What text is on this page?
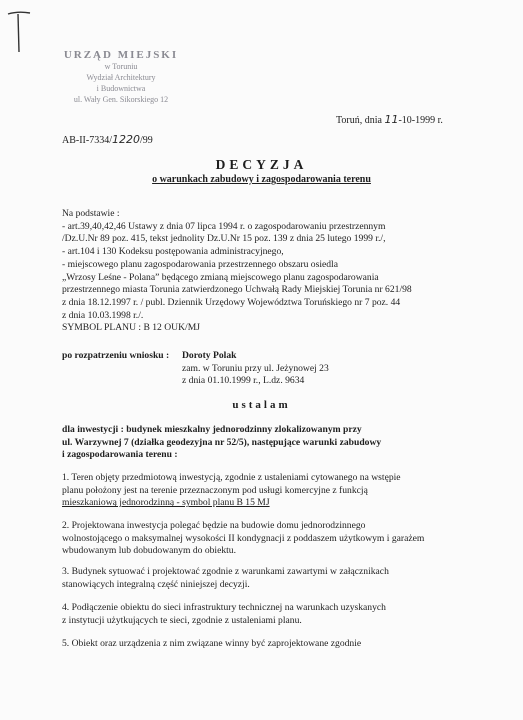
URZĄD MIEJSKI
w Toruniu
Wydział Architektury
i Budownictwa
ul. Wały Gen. Sikorskiego 12
Toruń, dnia 11-10-1999 r.
AB-II-7334/1220/99
DECYZJA
o warunkach zabudowy i zagospodarowania terenu
Na podstawie :
- art.39,40,42,46 Ustawy z dnia 07 lipca 1994 r. o zagospodarowaniu przestrzennym
/Dz.U.Nr 89 poz. 415, tekst jednolity Dz.U.Nr 15 poz. 139 z dnia 25 lutego 1999 r./,
- art.104 i 130 Kodeksu postępowania administracyjnego,
- miejscowego planu zagospodarowania przestrzennego obszaru osiedla
„Wrzosy Leśne - Polana” będącego zmianą miejscowego planu zagospodarowania
przestrzennego miasta Torunia zatwierdzonego Uchwałą Rady Miejskiej Torunia nr 621/98
z dnia 18.12.1997 r. / publ. Dziennik Urzędowy Województwa Toruńskiego nr 7 poz. 44
z dnia 10.03.1998 r./.
SYMBOL PLANU : B 12 OUK/MJ
po rozpatrzeniu wniosku : Doroty Polak
zam. w Toruniu przy ul. Jeżynowej 23
z dnia 01.10.1999 r., L.dz. 9634
ustalam
dla inwestycji : budynek mieszkalny jednorodzinny zlokalizowanym przy
ul. Warzywnej 7 (działka geodezyjna nr 52/5), następujące warunki zabudowy
i zagospodarowania terenu :
1. Teren objęty przedmiotową inwestycją, zgodnie z ustaleniami cytowanego na wstępie
planu położony jest na terenie przeznaczonym pod usługi komercyjne z funkcją
mieszkaniową jednorodzinną - symbol planu B 15 MJ
2. Projektowana inwestycja polegać będzie na budowie domu jednorodzinnego
wolnostojącego o maksymalnej wysokości II kondygnacji z poddaszem użytkowym i garażem
wbudowanym lub dobudowanym do obiektu.
3. Budynek sytuować i projektować zgodnie z warunkami zawartymi w załącznikach
stanowiących integralną część niniejszej decyzji.
4. Podłączenie obiektu do sieci infrastruktury technicznej na warunkach uzyskanych
z instytucji użytkujących te sieci, zgodnie z ustaleniami planu.
5. Obiekt oraz urządzenia z nim związane winny być zaprojektowane zgodnie
